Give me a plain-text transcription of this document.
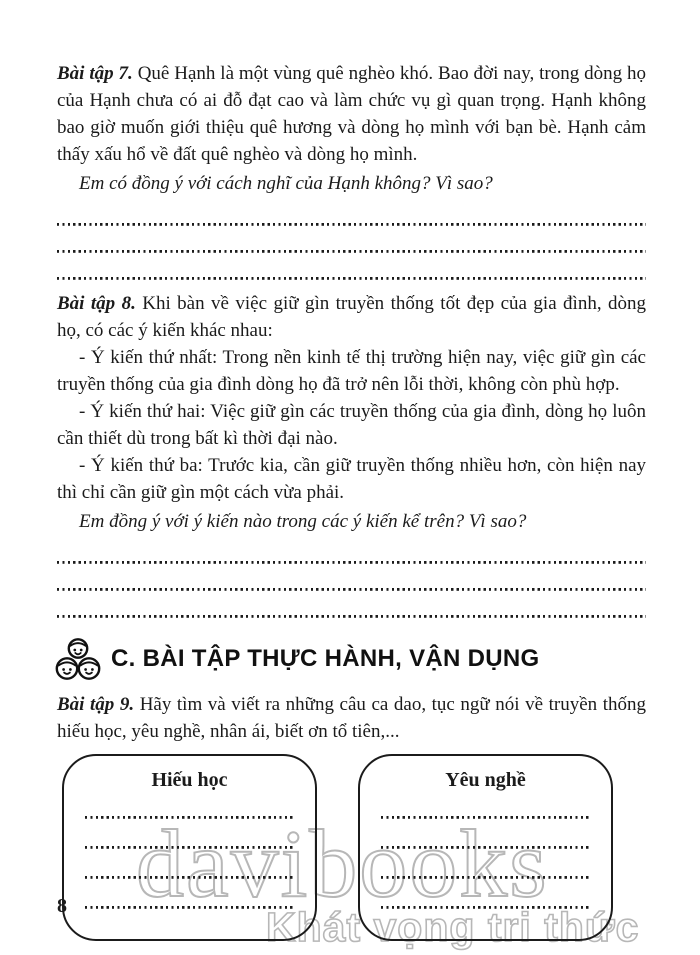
davibooks
Khát vọng tri thức

Bài tập 7. Quê Hạnh là một vùng quê nghèo khó. Bao đời nay, trong dòng họ của Hạnh chưa có ai đỗ đạt cao và làm chức vụ gì quan trọng. Hạnh không bao giờ muốn giới thiệu quê hương và dòng họ mình với bạn bè. Hạnh cảm thấy xấu hổ về đất quê nghèo và dòng họ mình.

Em có đồng ý với cách nghĩ của Hạnh không? Vì sao?

Bài tập 8. Khi bàn về việc giữ gìn truyền thống tốt đẹp của gia đình, dòng họ, có các ý kiến khác nhau:

- Ý kiến thứ nhất: Trong nền kinh tế thị trường hiện nay, việc giữ gìn các truyền thống của gia đình dòng họ đã trở nên lỗi thời, không còn phù hợp.

- Ý kiến thứ hai: Việc giữ gìn các truyền thống của gia đình, dòng họ luôn cần thiết dù trong bất kì thời đại nào.

- Ý kiến thứ ba: Trước kia, cần giữ truyền thống nhiều hơn, còn hiện nay thì chỉ cần giữ gìn một cách vừa phải.

Em đồng ý với ý kiến nào trong các ý kiến kể trên? Vì sao?

C. BÀI TẬP THỰC HÀNH, VẬN DỤNG

Bài tập 9. Hãy tìm và viết ra những câu ca dao, tục ngữ nói về truyền thống hiếu học, yêu nghề, nhân ái, biết ơn tổ tiên,...

Hiếu học	Yêu nghề
8
